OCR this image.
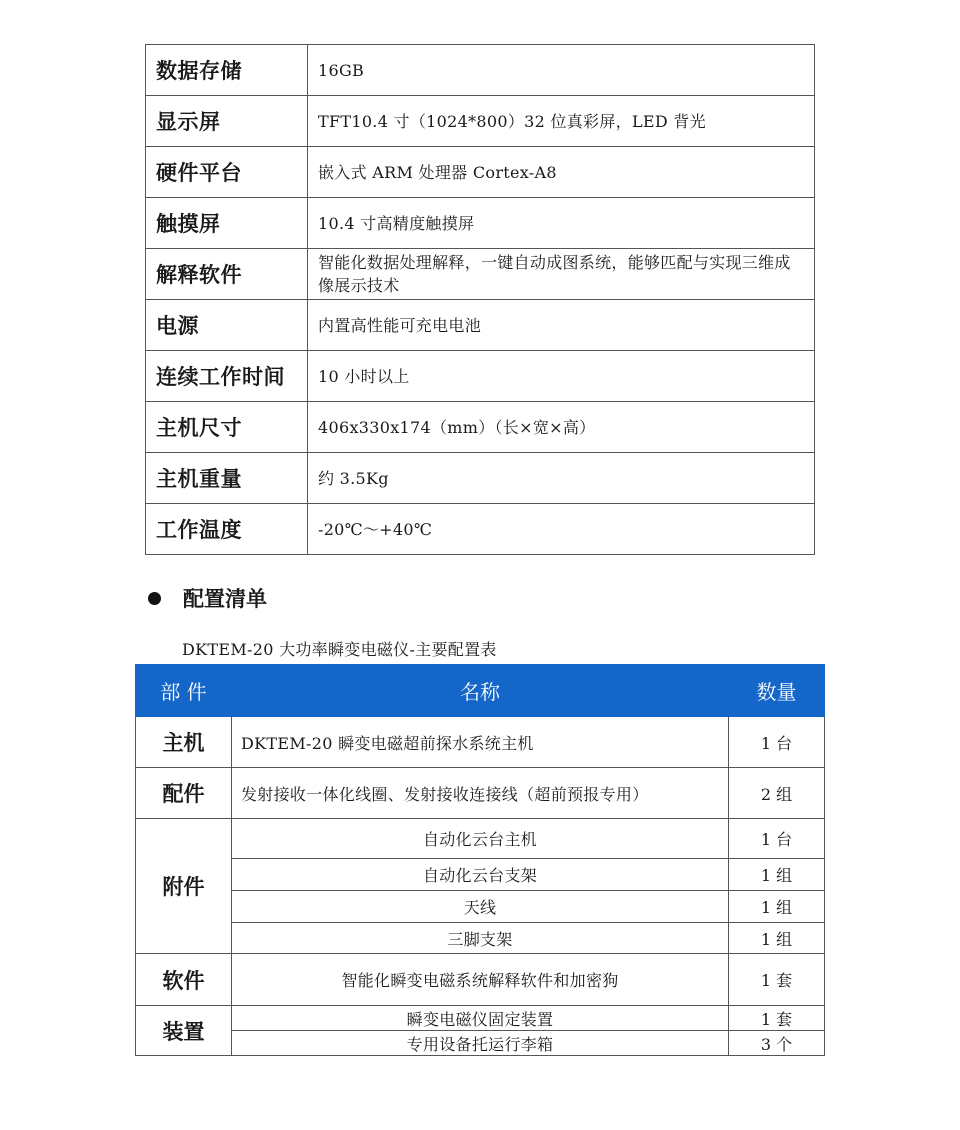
数据存储	16GB
显示屏	TFT10.4 寸（1024*800）32 位真彩屏，LED 背光
硬件平台	嵌入式 ARM 处理器 Cortex-A8
触摸屏	10.4 寸高精度触摸屏
解释软件	智能化数据处理解释，一键自动成图系统，能够匹配与实现三维成像展示技术
电源	内置高性能可充电电池
连续工作时间	10 小时以上
主机尺寸	406x330x174（mm）（长×宽×高）
主机重量	约 3.5Kg
工作温度	-20℃～+40℃
配置清单
DKTEM-20 大功率瞬变电磁仪-主要配置表
部 件	名称	数量
主机	DKTEM-20 瞬变电磁超前探水系统主机	1 台
配件	发射接收一体化线圈、发射接收连接线（超前预报专用）	2 组
附件	自动化云台主机	1 台
	自动化云台支架	1 组
	天线	1 组
	三脚支架	1 组
软件	智能化瞬变电磁系统解释软件和加密狗	1 套
装置	瞬变电磁仪固定装置	1 套
	专用设备托运行李箱	3 个
